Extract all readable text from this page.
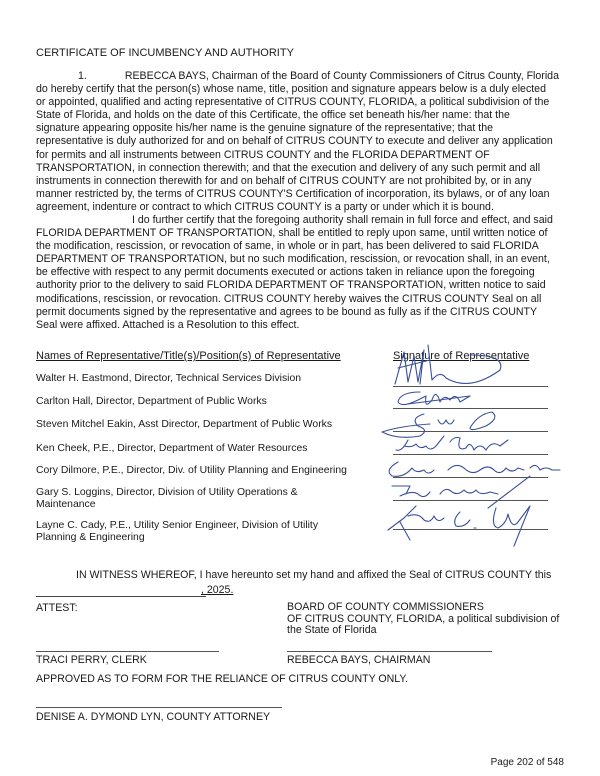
CERTIFICATE OF INCUMBENCY AND AUTHORITY
1.	REBECCA BAYS, Chairman of the Board of County Commissioners of Citrus County, Florida
do hereby certify that the person(s) whose name, title, position and signature appears below is a duly elected
or appointed, qualified and acting representative of CITRUS COUNTY, FLORIDA, a political subdivision of the
State of Florida, and holds on the date of this Certificate, the office set beneath his/her name: that the
signature appearing opposite his/her name is the genuine signature of the representative; that the
representative is duly authorized for and on behalf of CITRUS COUNTY to execute and deliver any application
for permits and all instruments between CITRUS COUNTY and the FLORIDA DEPARTMENT OF
TRANSPORTATION, in connection therewith; and that the execution and delivery of any such permit and all
instruments in connection therewith for and on behalf of CITRUS COUNTY are not prohibited by, or in any
manner restricted by, the terms of CITRUS COUNTY'S Certification of incorporation, its bylaws, or of any loan
agreement, indenture or contract to which CITRUS COUNTY is a party or under which it is bound.
I do further certify that the foregoing authority shall remain in full force and effect, and said
FLORIDA DEPARTMENT OF TRANSPORTATION, shall be entitled to reply upon same, until written notice of
the modification, rescission, or revocation of same, in whole or in part, has been delivered to said FLORIDA
DEPARTMENT OF TRANSPORTATION, but no such modification, rescission, or revocation shall, in an event,
be effective with respect to any permit documents executed or actions taken in reliance upon the foregoing
authority prior to the delivery to said FLORIDA DEPARTMENT OF TRANSPORTATION, written notice to said
modifications, rescission, or revocation. CITRUS COUNTY hereby waives the CITRUS COUNTY Seal on all
permit documents signed by the representative and agrees to be bound as fully as if the CITRUS COUNTY
Seal were affixed. Attached is a Resolution to this effect.
Names of Representative/Title(s)/Position(s) of Representative	Signature of Representative
Walter H. Eastmond, Director, Technical Services Division
Carlton Hall, Director, Department of Public Works
Steven Mitchel Eakin, Asst Director, Department of Public Works
Ken Cheek, P.E., Director, Department of Water Resources
Cory Dilmore, P.E., Director, Div. of Utility Planning and Engineering
Gary S. Loggins, Director, Division of Utility Operations &
Maintenance
Layne C. Cady, P.E., Utility Senior Engineer, Division of Utility
Planning & Engineering
IN WITNESS WHEREOF, I have hereunto set my hand and affixed the Seal of CITRUS COUNTY this
, 2025.
ATTEST:	BOARD OF COUNTY COMMISSIONERS
OF CITRUS COUNTY, FLORIDA, a political subdivision of
the State of Florida
TRACI PERRY, CLERK	REBECCA BAYS, CHAIRMAN
APPROVED AS TO FORM FOR THE RELIANCE OF CITRUS COUNTY ONLY.
DENISE A. DYMOND LYN, COUNTY ATTORNEY
Page 202 of 548
